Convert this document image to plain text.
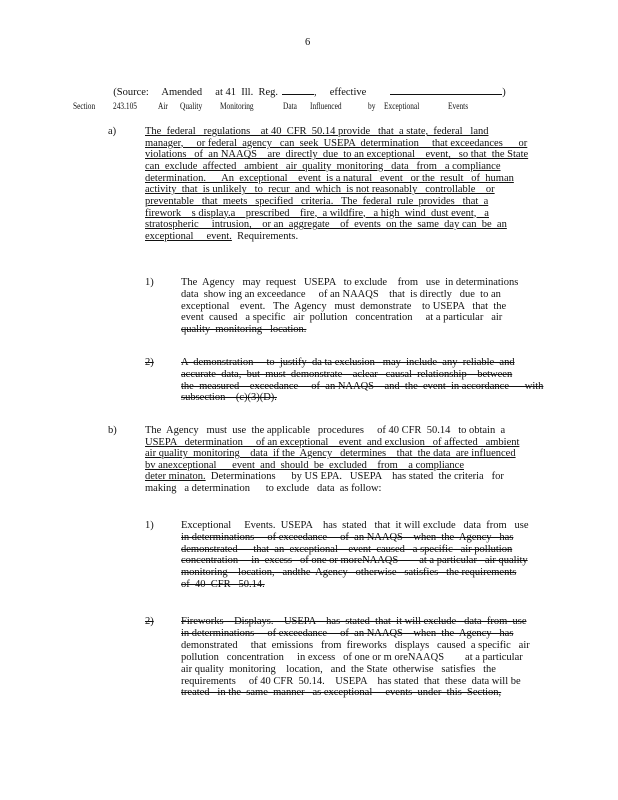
6

(Source:     Amended     at 41  Ill.  Reg.	,     effective	)

Section 243.105 Air Quality Monitoring	Data Influenced	by Exceptional	Events
a)	The  federal   regulations    at 40  CFR  50.14 provide   that  a state,  federal   land
manager,     or federal  agency   can  seek  USEPA  determination     that exceedances      or
violations   of  an NAAQS    are  directly  due  to an exceptional    event,   so that  the State
can  exclude  affected   ambient   air  quality  monitoring   data   from   a compliance
determination.      An  exceptional    event  is a natural   event   or the  result   of  human
activity  that  is unlikely   to  recur  and  which  is not reasonably   controllable    or
preventable   that  meets   specified   criteria.   The  federal  rule  provides   that  a
firework    s display.a    prescribed    fire,  a wildfire,   a high  wind  dust event,   a
stratospheric     intrusion,    or an  aggregate    of  events  on the  same  day can  be  an
exceptional     event.  Requirements.
1)	The  Agency   may  request   USEPA   to exclude    from   use  in determinations
data  show ing an exceedance     of an NAAQS    that  is directly   due  to an
exceptional    event.   The  Agency   must  demonstrate    to USEPA   that  the
event  caused   a specific   air  pollution   concentration     at a particular   air
quality  monitoring   location.
2)	A  demonstration     to  justify  da ta exclusion   may  include  any  reliable  and
accurate  data,  but  must  demonstrate    aclear   causal  relationship    between
the  measured    exceedance     of  an NAAQS    and  the  event  in accordance      with
subsection    (c)(3)(D).
b)	The  Agency   must  use  the applicable   procedures     of 40 CFR  50.14   to obtain  a
USEPA   determination     of an exceptional    event  and exclusion   of affected   ambient
air quality  monitoring    data  if the  Agency   determines    that  the data  are influenced
bv anexceptional      event  and  should  be  excluded    from    a compliance
deter minaton.  Determinations      by US EPA.   USEPA    has stated  the criteria   for
making   a determination      to exclude   data  as follow:
1)	Exceptional     Events.  USEPA    has  stated   that  it will exclude   data  from   use
in determinations     of exceedance     of  an NAAQS    when  the  Agency   has
demonstrated      that  an  exceptional    event  caused   a specific   air pollution
concentration     in  excess   of one or moreNAAQS        at a particular   air quality
monitoring    location,   andthe  Agency   otherwise   satisfies   the requirements
of  40  CFR   50.14.
2)	Fireworks    Displays.    USEPA    has  stated  that  it will exclude   data  from  use
in determinations     of exceedance     of  an NAAQS    when  the  Agency   has
demonstrated     that  emissions   from  fireworks   displays   caused  a specific   air
pollution   concentration     in excess   of one or m oreNAAQS        at a particular
air quality  monitoring    location,   and  the State  otherwise   satisfies   the
requirements     of 40 CFR  50.14.    USEPA    has stated  that  these  data will be
treated   in the  same  manner   as exceptional     events  under  this  Section,
